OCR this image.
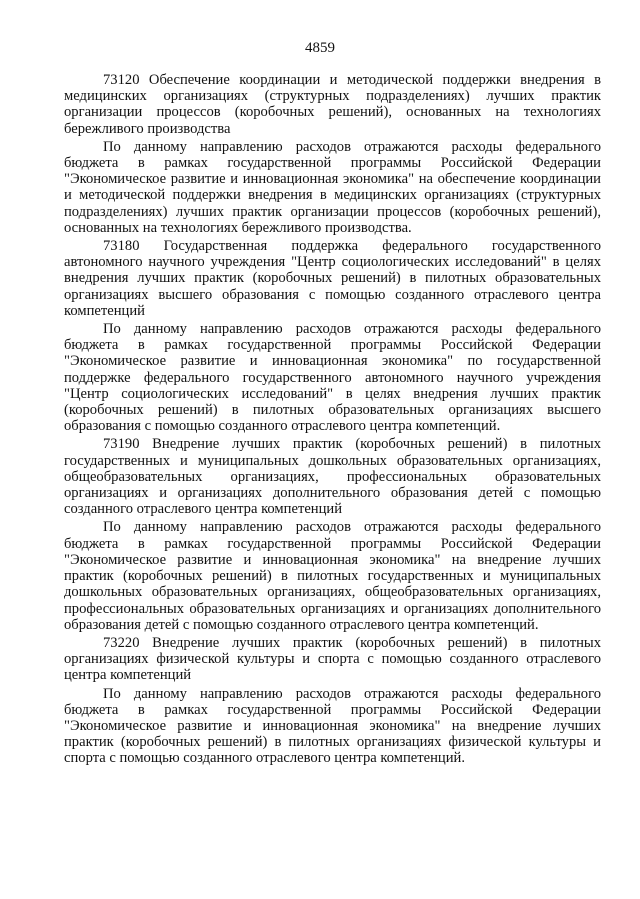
4859

73120 Обеспечение координации и методической поддержки внедрения в медицинских организациях (структурных подразделениях) лучших практик организации процессов (коробочных решений), основанных на технологиях бережливого производства

По данному направлению расходов отражаются расходы федерального бюджета в рамках государственной программы Российской Федерации "Экономическое развитие и инновационная экономика" на обеспечение координации и методической поддержки внедрения в медицинских организациях (структурных подразделениях) лучших практик организации процессов (коробочных решений), основанных на технологиях бережливого производства.

73180 Государственная поддержка федерального государственного автономного научного учреждения "Центр социологических исследований" в целях внедрения лучших практик (коробочных решений) в пилотных образовательных организациях высшего образования с помощью созданного отраслевого центра компетенций

По данному направлению расходов отражаются расходы федерального бюджета в рамках государственной программы Российской Федерации "Экономическое развитие и инновационная экономика" по государственной поддержке федерального государственного автономного научного учреждения "Центр социологических исследований" в целях внедрения лучших практик (коробочных решений) в пилотных образовательных организациях высшего образования с помощью созданного отраслевого центра компетенций.

73190 Внедрение лучших практик (коробочных решений) в пилотных государственных и муниципальных дошкольных образовательных организациях, общеобразовательных организациях, профессиональных образовательных организациях и организациях дополнительного образования детей с помощью созданного отраслевого центра компетенций

По данному направлению расходов отражаются расходы федерального бюджета в рамках государственной программы Российской Федерации "Экономическое развитие и инновационная экономика" на внедрение лучших практик (коробочных решений) в пилотных государственных и муниципальных дошкольных образовательных организациях, общеобразовательных организациях, профессиональных образовательных организациях и организациях дополнительного образования детей с помощью созданного отраслевого центра компетенций.

73220 Внедрение лучших практик (коробочных решений) в пилотных организациях физической культуры и спорта с помощью созданного отраслевого центра компетенций

По данному направлению расходов отражаются расходы федерального бюджета в рамках государственной программы Российской Федерации "Экономическое развитие и инновационная экономика" на внедрение лучших практик (коробочных решений) в пилотных организациях физической культуры и спорта с помощью созданного отраслевого центра компетенций.
